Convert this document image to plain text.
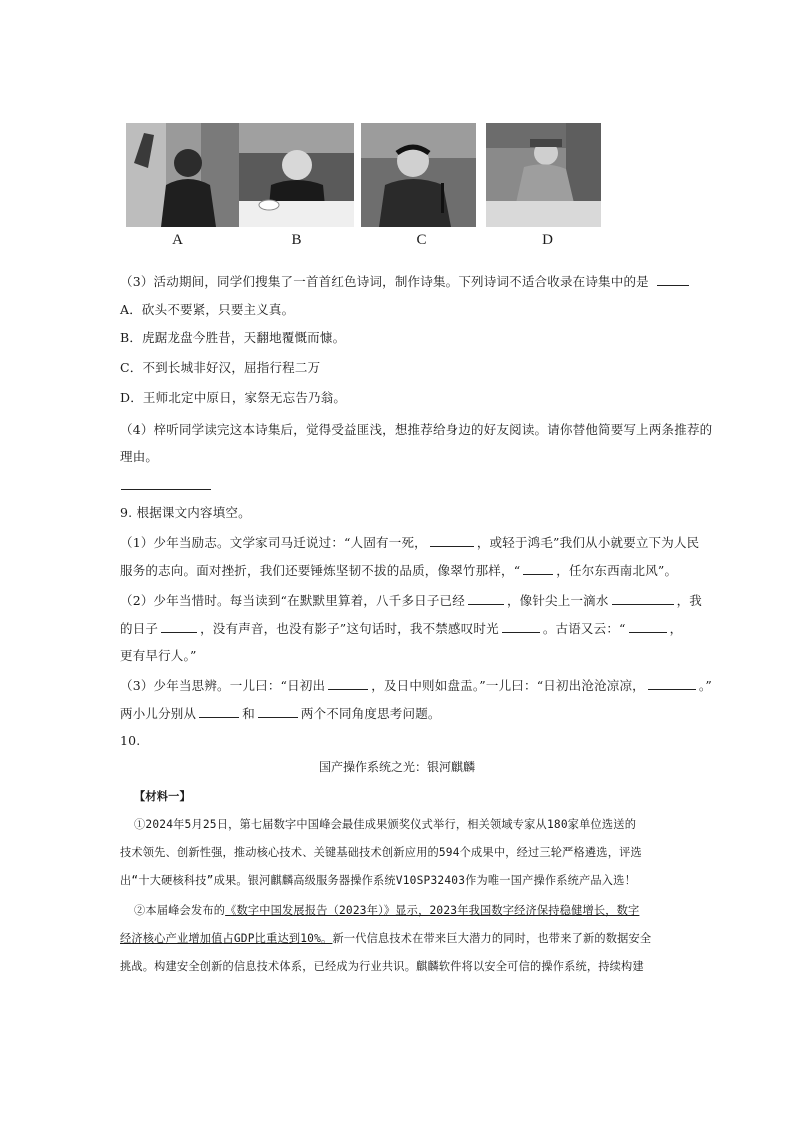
A	B	C	D
（3）活动期间，同学们搜集了一首首红色诗词，制作诗集。下列诗词不适合收录在诗集中的是
A．砍头不要紧，只要主义真。
B．虎踞龙盘今胜昔，天翻地覆慨而慷。
C．不到长城非好汉，屈指行程二万
D．王师北定中原日，家祭无忘告乃翁。
（4）梓听同学读完这本诗集后，觉得受益匪浅，想推荐给身边的好友阅读。请你替他简要写上两条推荐的
理由。
9. 根据课文内容填空。
（1）少年当励志。文学家司马迁说过：“人固有一死，	，或轻于鸿毛”我们从小就要立下为人民
服务的志向。面对挫折，我们还要锤炼坚韧不拔的品质，像翠竹那样，“	，任尔东西南北风”。
（2）少年当惜时。每当读到“在默默里算着，八千多日子已经	，像针尖上一滴水	，我
的日子	，没有声音，也没有影子”这句话时，我不禁感叹时光	。古语又云：“	，
更有早行人。”
（3）少年当思辨。一儿曰：“日初出	，及日中则如盘盂。”一儿曰：“日初出沧沧凉凉，	。”
两小儿分别从	和	两个不同角度思考问题。
10.
国产操作系统之光：银河麒麟
【材料一】
①2024年5月25日，第七届数字中国峰会最佳成果颁奖仪式举行，相关领域专家从180家单位选送的
技术领先、创新性强，推动核心技术、关键基础技术创新应用的594个成果中，经过三轮严格遴选，评选
出“十大硬核科技”成果。银河麒麟高级服务器操作系统V10SP32403作为唯一国产操作系统产品入选！
②本届峰会发布的《数字中国发展报告（2023年）》显示，2023年我国数字经济保持稳健增长，数字
经济核心产业增加值占GDP比重达到10%。新一代信息技术在带来巨大潜力的同时，也带来了新的数据安全
挑战。构建安全创新的信息技术体系，已经成为行业共识。麒麟软件将以安全可信的操作系统，持续构建
